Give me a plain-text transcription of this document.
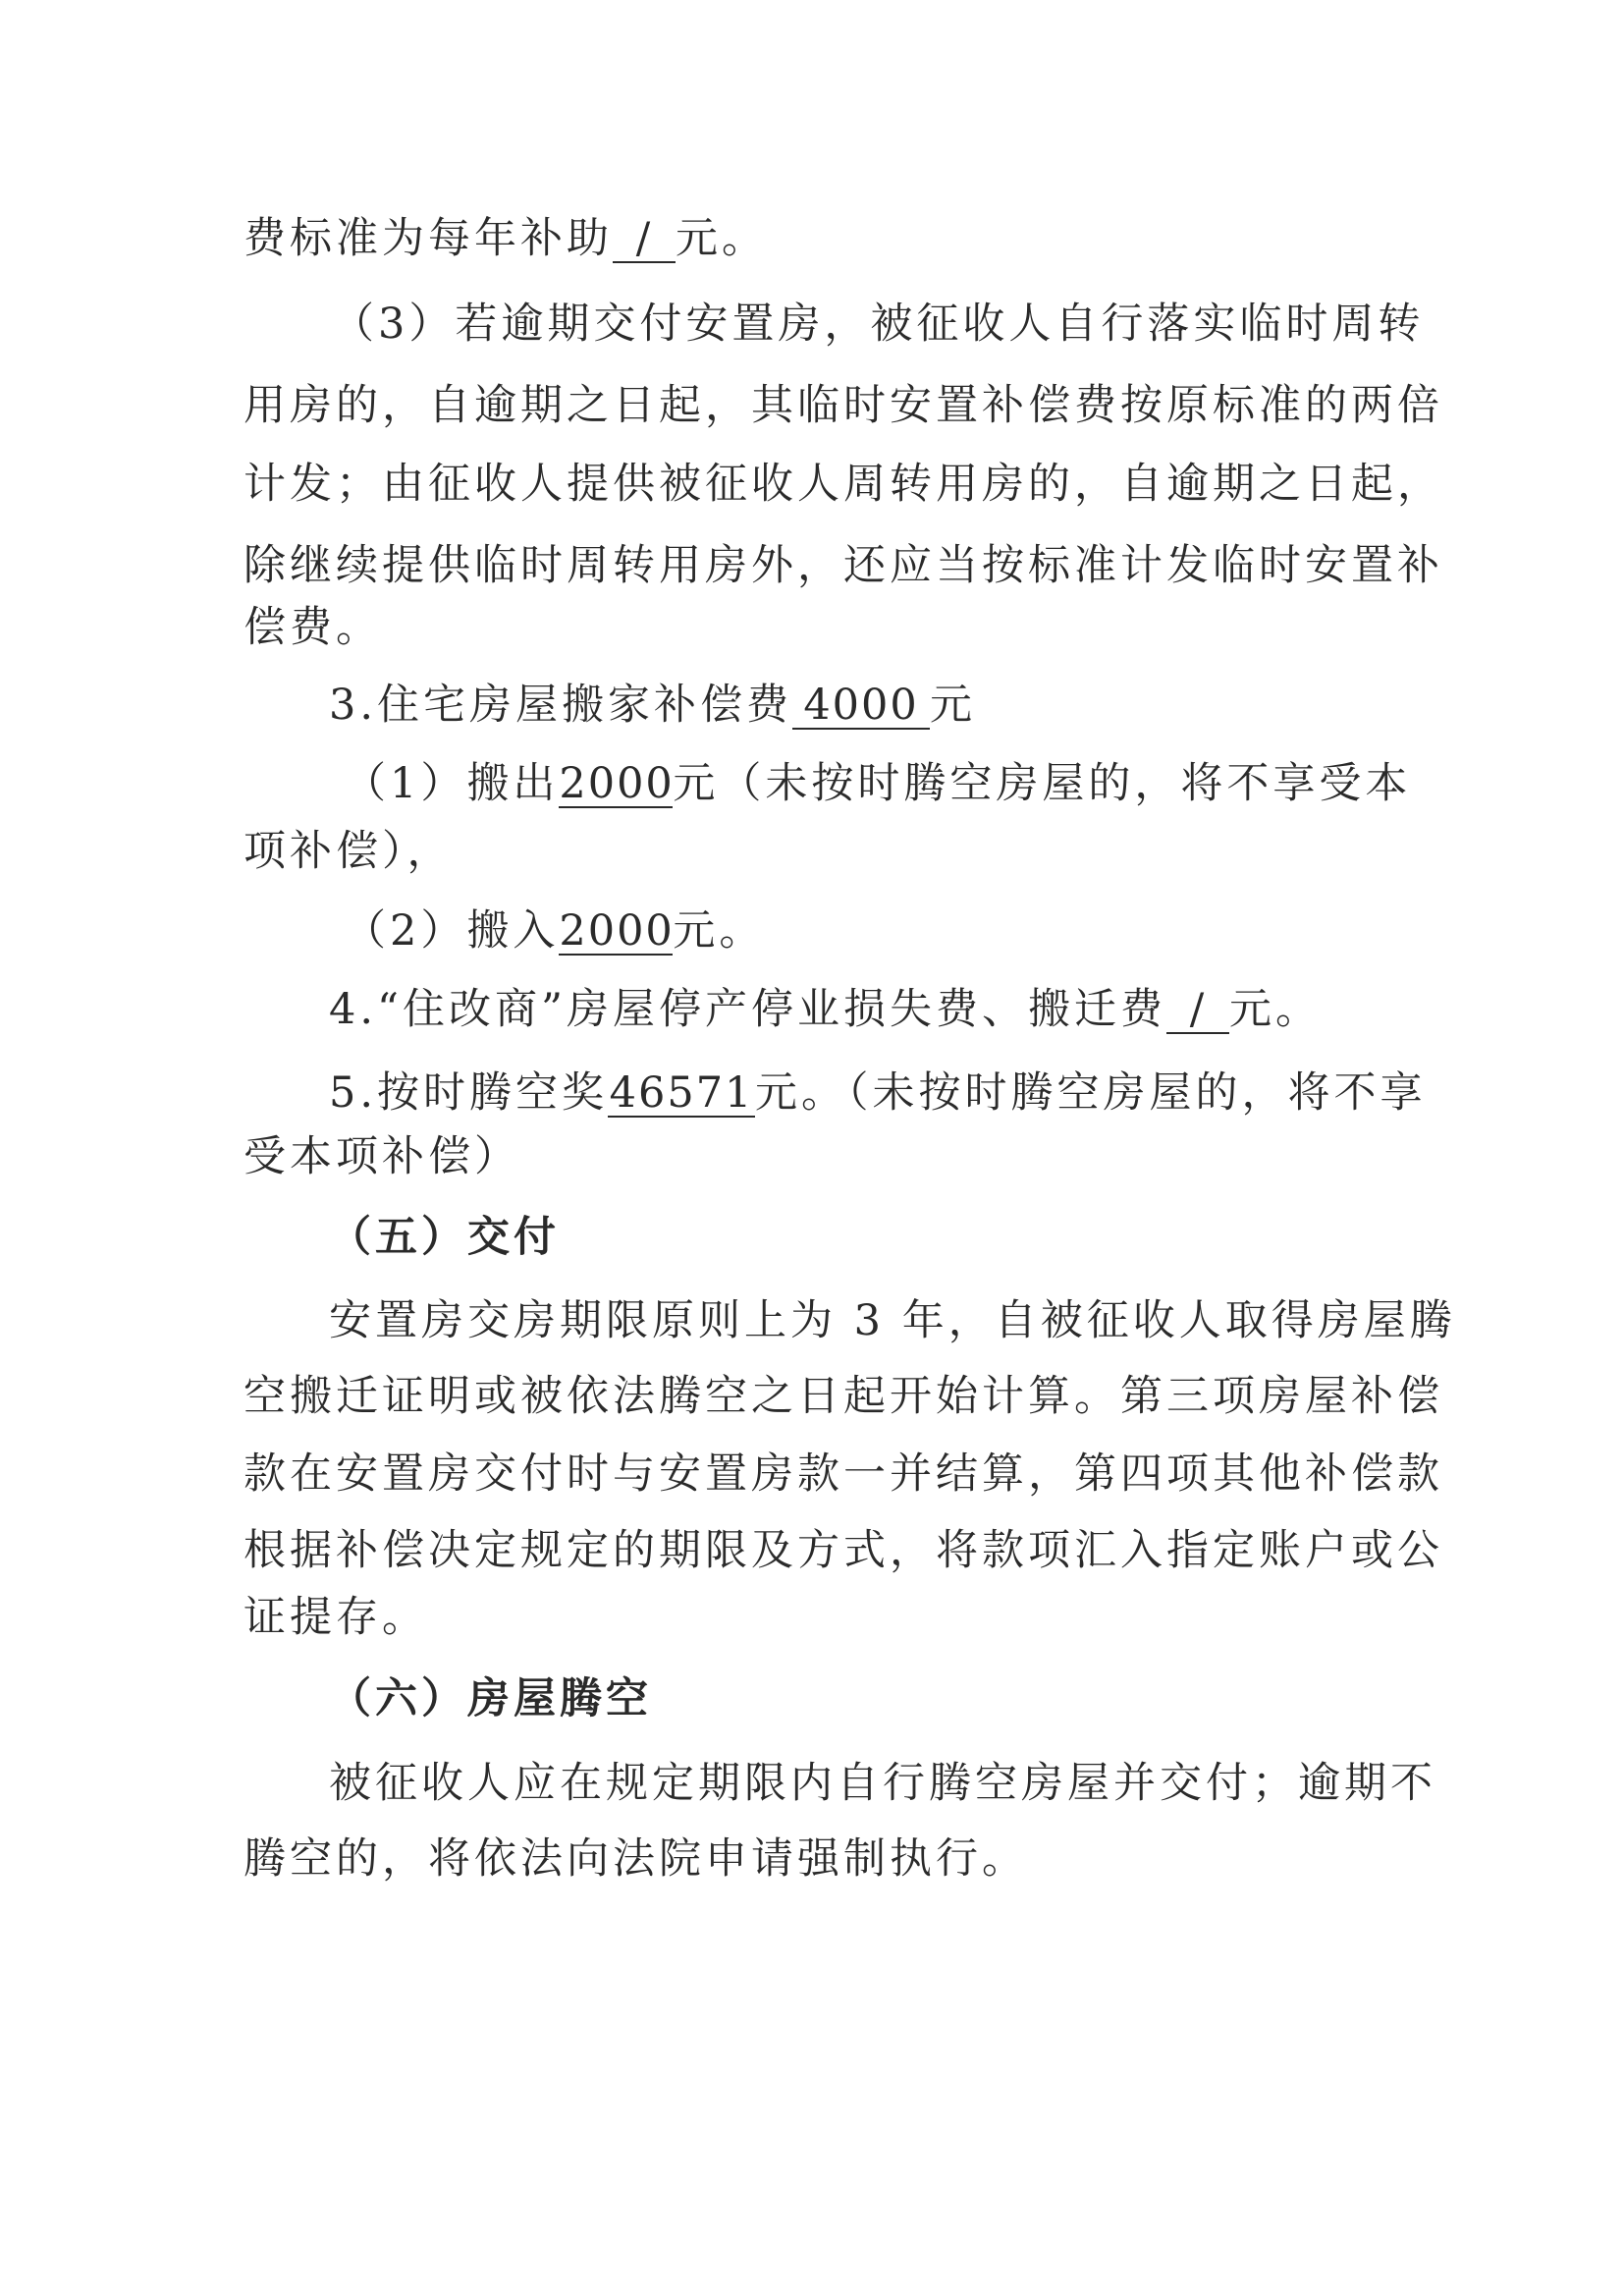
费标准为每年补助 / 元。
（3）若逾期交付安置房，被征收人自行落实临时周转
用房的，自逾期之日起，其临时安置补偿费按原标准的两倍
计发；由征收人提供被征收人周转用房的，自逾期之日起，
除继续提供临时周转用房外，还应当按标准计发临时安置补
偿费。
3.住宅房屋搬家补偿费 4000 元
（1）搬出2000元（未按时腾空房屋的，将不享受本
项补偿），
（2）搬入2000元。
4.“住改商”房屋停产停业损失费、搬迁费 / 元。
5.按时腾空奖46571元。（未按时腾空房屋的，将不享
受本项补偿）
（五）交付
安置房交房期限原则上为 3 年，自被征收人取得房屋腾
空搬迁证明或被依法腾空之日起开始计算。第三项房屋补偿
款在安置房交付时与安置房款一并结算，第四项其他补偿款
根据补偿决定规定的期限及方式，将款项汇入指定账户或公
证提存。
（六）房屋腾空
被征收人应在规定期限内自行腾空房屋并交付；逾期不
腾空的，将依法向法院申请强制执行。
